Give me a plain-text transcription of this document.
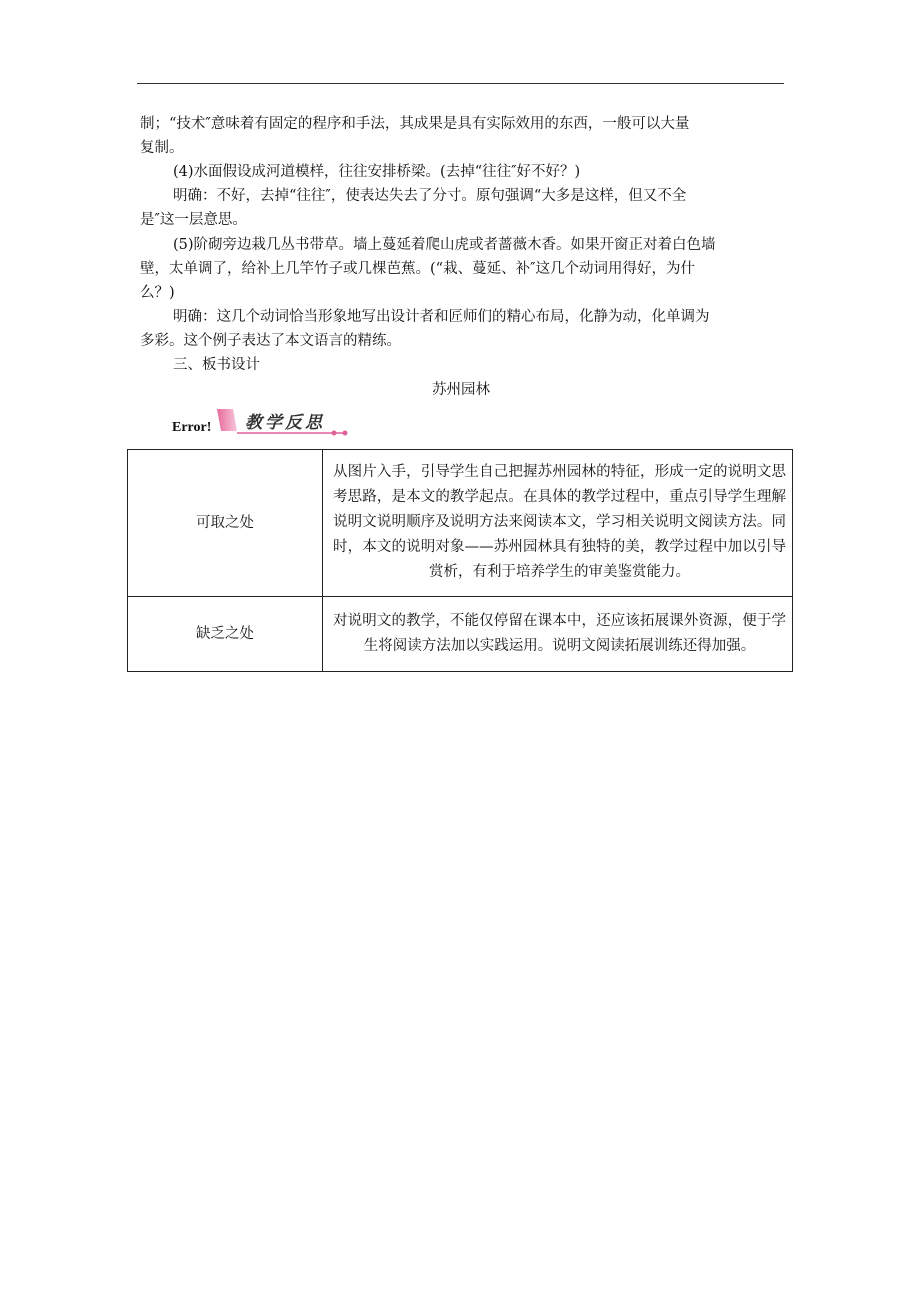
制；“技术″意味着有固定的程序和手法，其成果是具有实际效用的东西，一般可以大量

复制。

(4)水面假设成河道模样，往往安排桥梁。(去掉“往往″好不好？)

明确：不好，去掉“往往″，使表达失去了分寸。原句强调“大多是这样，但又不全

是″这一层意思。

(5)阶砌旁边栽几丛书带草。墙上蔓延着爬山虎或者蔷薇木香。如果开窗正对着白色墙

壁，太单调了，给补上几竿竹子或几棵芭蕉。(“栽、蔓延、补″这几个动词用得好，为什

么？)

明确：这几个动词恰当形象地写出设计者和匠师们的精心布局，化静为动，化单调为

多彩。这个例子表达了本文语言的精练。

三、板书设计

苏州园林
Error! 教学反思
可取之处	从图片入手，引导学生自己把握苏州园林的特征，形成一定的说明文思考思路，是本文的教学起点。在具体的教学过程中，重点引导学生理解说明文说明顺序及说明方法来阅读本文，学习相关说明文阅读方法。同时，本文的说明对象——苏州园林具有独特的美，教学过程中加以引导赏析，有利于培养学生的审美鉴赏能力。
缺乏之处	对说明文的教学，不能仅停留在课本中，还应该拓展课外资源，便于学生将阅读方法加以实践运用。说明文阅读拓展训练还得加强。
